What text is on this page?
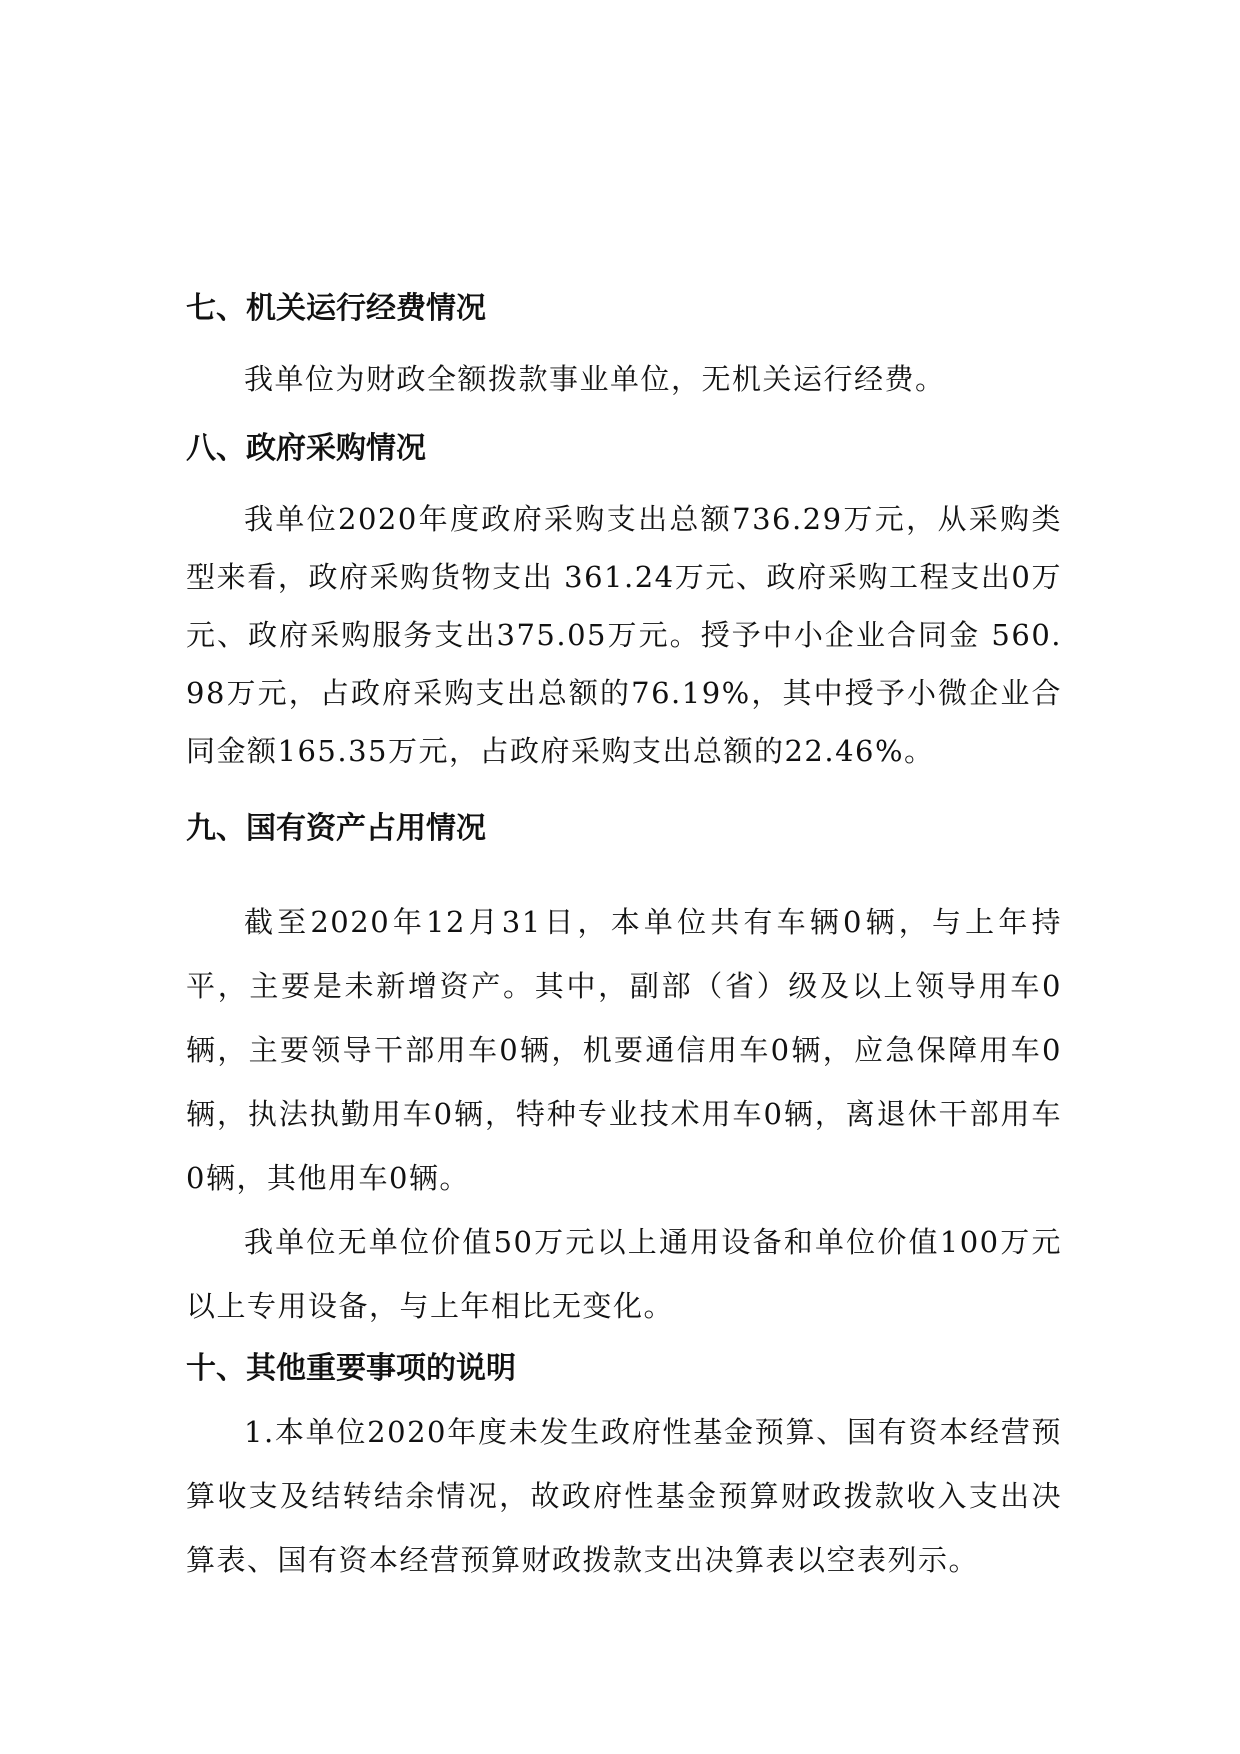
七、机关运行经费情况

我单位为财政全额拨款事业单位，无机关运行经费。

八、政府采购情况

我单位2020年度政府采购支出总额736.29万元，从采购类型来看，政府采购货物支出 361.24万元、政府采购工程支出0万元、政府采购服务支出375.05万元。授予中小企业合同金 560.98万元，占政府采购支出总额的76.19%，其中授予小微企业合同金额165.35万元，占政府采购支出总额的22.46%。

九、国有资产占用情况

截至2020年12月31日，本单位共有车辆0辆，与上年持平，主要是未新增资产。其中，副部（省）级及以上领导用车0辆，主要领导干部用车0辆，机要通信用车0辆，应急保障用车0辆，执法执勤用车0辆，特种专业技术用车0辆，离退休干部用车0辆，其他用车0辆。

我单位无单位价值50万元以上通用设备和单位价值100万元以上专用设备，与上年相比无变化。

十、其他重要事项的说明

1.本单位2020年度未发生政府性基金预算、国有资本经营预算收支及结转结余情况，故政府性基金预算财政拨款收入支出决算表、国有资本经营预算财政拨款支出决算表以空表列示。
